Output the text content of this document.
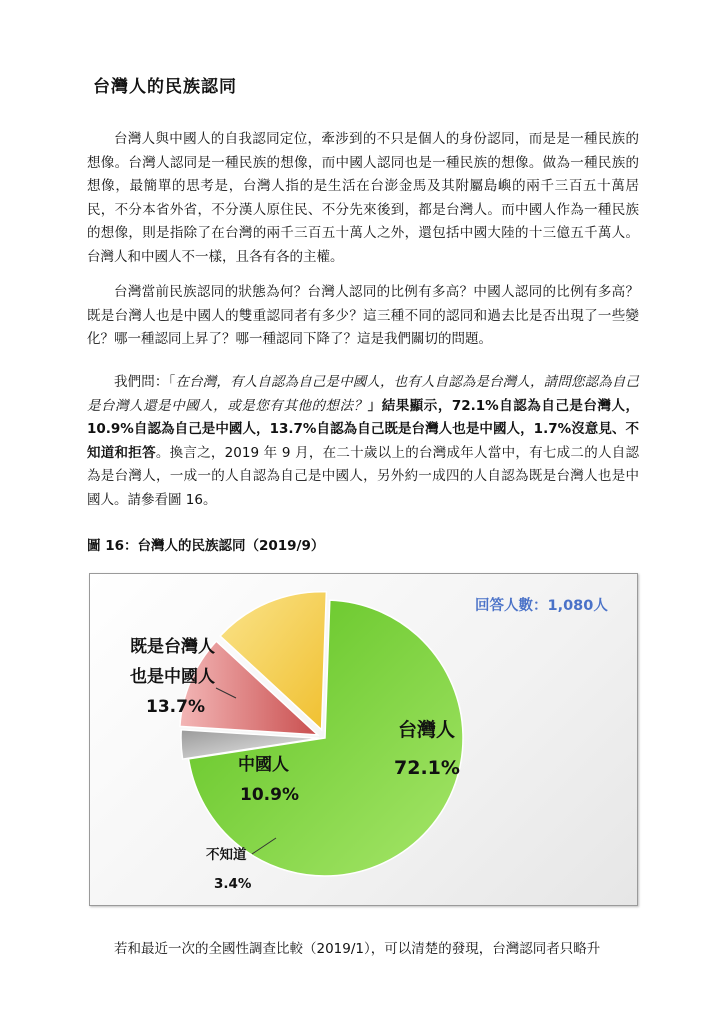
台灣人的民族認同

台灣人與中國人的自我認同定位，牽涉到的不只是個人的身份認同，而是是一種民族的想像。台灣人認同是一種民族的想像，而中國人認同也是一種民族的想像。做為一種民族的想像，最簡單的思考是，台灣人指的是生活在台澎金馬及其附屬島嶼的兩千三百五十萬居民，不分本省外省，不分漢人原住民、不分先來後到，都是台灣人。而中國人作為一種民族的想像，則是指除了在台灣的兩千三百五十萬人之外，還包括中國大陸的十三億五千萬人。台灣人和中國人不一樣，且各有各的主權。

台灣當前民族認同的狀態為何？台灣人認同的比例有多高？中國人認同的比例有多高？既是台灣人也是中國人的雙重認同者有多少？這三種不同的認同和過去比是否出現了一些變化？哪一種認同上昇了？哪一種認同下降了？這是我們關切的問題。

我們問：「在台灣，有人自認為自己是中國人，也有人自認為是台灣人，請問您認為自己是台灣人還是中國人，或是您有其他的想法？」結果顯示，72.1%自認為自己是台灣人，10.9%自認為自己是中國人，13.7%自認為自己既是台灣人也是中國人，1.7%沒意見、不知道和拒答。換言之，2019 年 9 月，在二十歲以上的台灣成年人當中，有七成二的人自認為是台灣人，一成一的人自認為自己是中國人，另外約一成四的人自認為既是台灣人也是中國人。請參看圖 16。

圖 16：台灣人的民族認同（2019/9）
回答人數：1,080人
台灣人
72.1%
中國人
10.9%
既是台灣人
也是中國人
13.7%
不知道
3.4%

若和最近一次的全國性調查比較（2019/1），可以清楚的發現，台灣認同者只略升
